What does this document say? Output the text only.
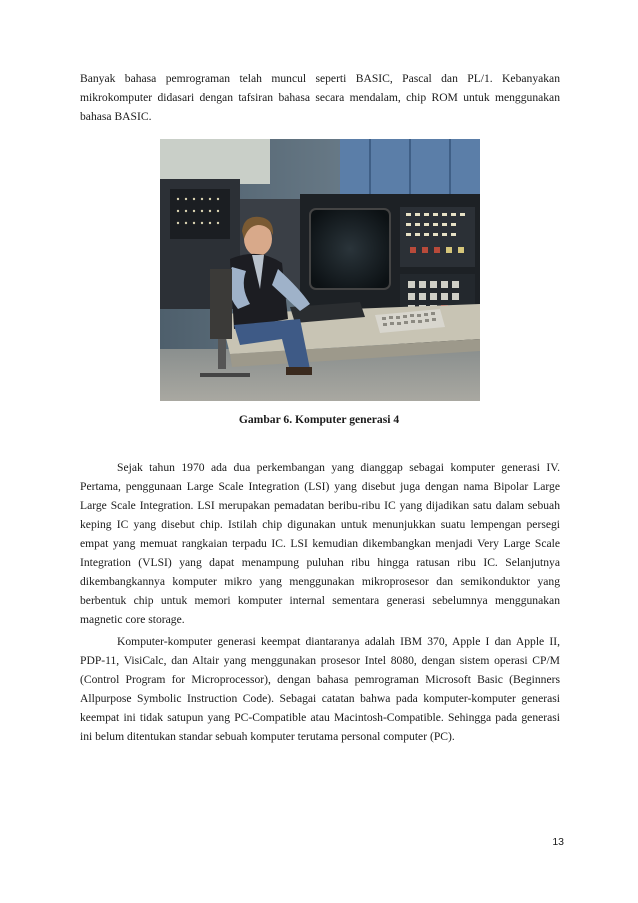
Banyak bahasa pemrograman telah muncul seperti BASIC, Pascal dan PL/1. Kebanyakan mikrokomputer didasari dengan tafsiran bahasa secara mendalam, chip ROM untuk menggunakan bahasa BASIC.

Gambar 6. Komputer generasi 4

Sejak tahun 1970 ada dua perkembangan yang dianggap sebagai komputer generasi IV. Pertama, penggunaan Large Scale Integration (LSI) yang disebut juga dengan nama Bipolar Large Large Scale Integration. LSI merupakan pemadatan beribu-ribu IC yang dijadikan satu dalam sebuah keping IC yang disebut chip. Istilah chip digunakan untuk menunjukkan suatu lempengan persegi empat yang memuat rangkaian terpadu IC. LSI kemudian dikembangkan menjadi Very Large Scale Integration (VLSI) yang dapat menampung puluhan ribu hingga ratusan ribu IC. Selanjutnya dikembangkannya komputer mikro yang menggunakan mikroprosesor dan semikonduktor yang berbentuk chip untuk memori komputer internal sementara generasi sebelumnya menggunakan magnetic core storage.

Komputer-komputer generasi keempat diantaranya adalah IBM 370, Apple I dan Apple II, PDP-11, VisiCalc, dan Altair yang menggunakan prosesor Intel 8080, dengan sistem operasi CP/M (Control Program for Microprocessor), dengan bahasa pemrograman Microsoft Basic (Beginners Allpurpose Symbolic Instruction Code). Sebagai catatan bahwa pada komputer-komputer generasi keempat ini tidak satupun yang PC-Compatible atau Macintosh-Compatible. Sehingga pada generasi ini belum ditentukan standar sebuah komputer terutama personal computer (PC).

13
